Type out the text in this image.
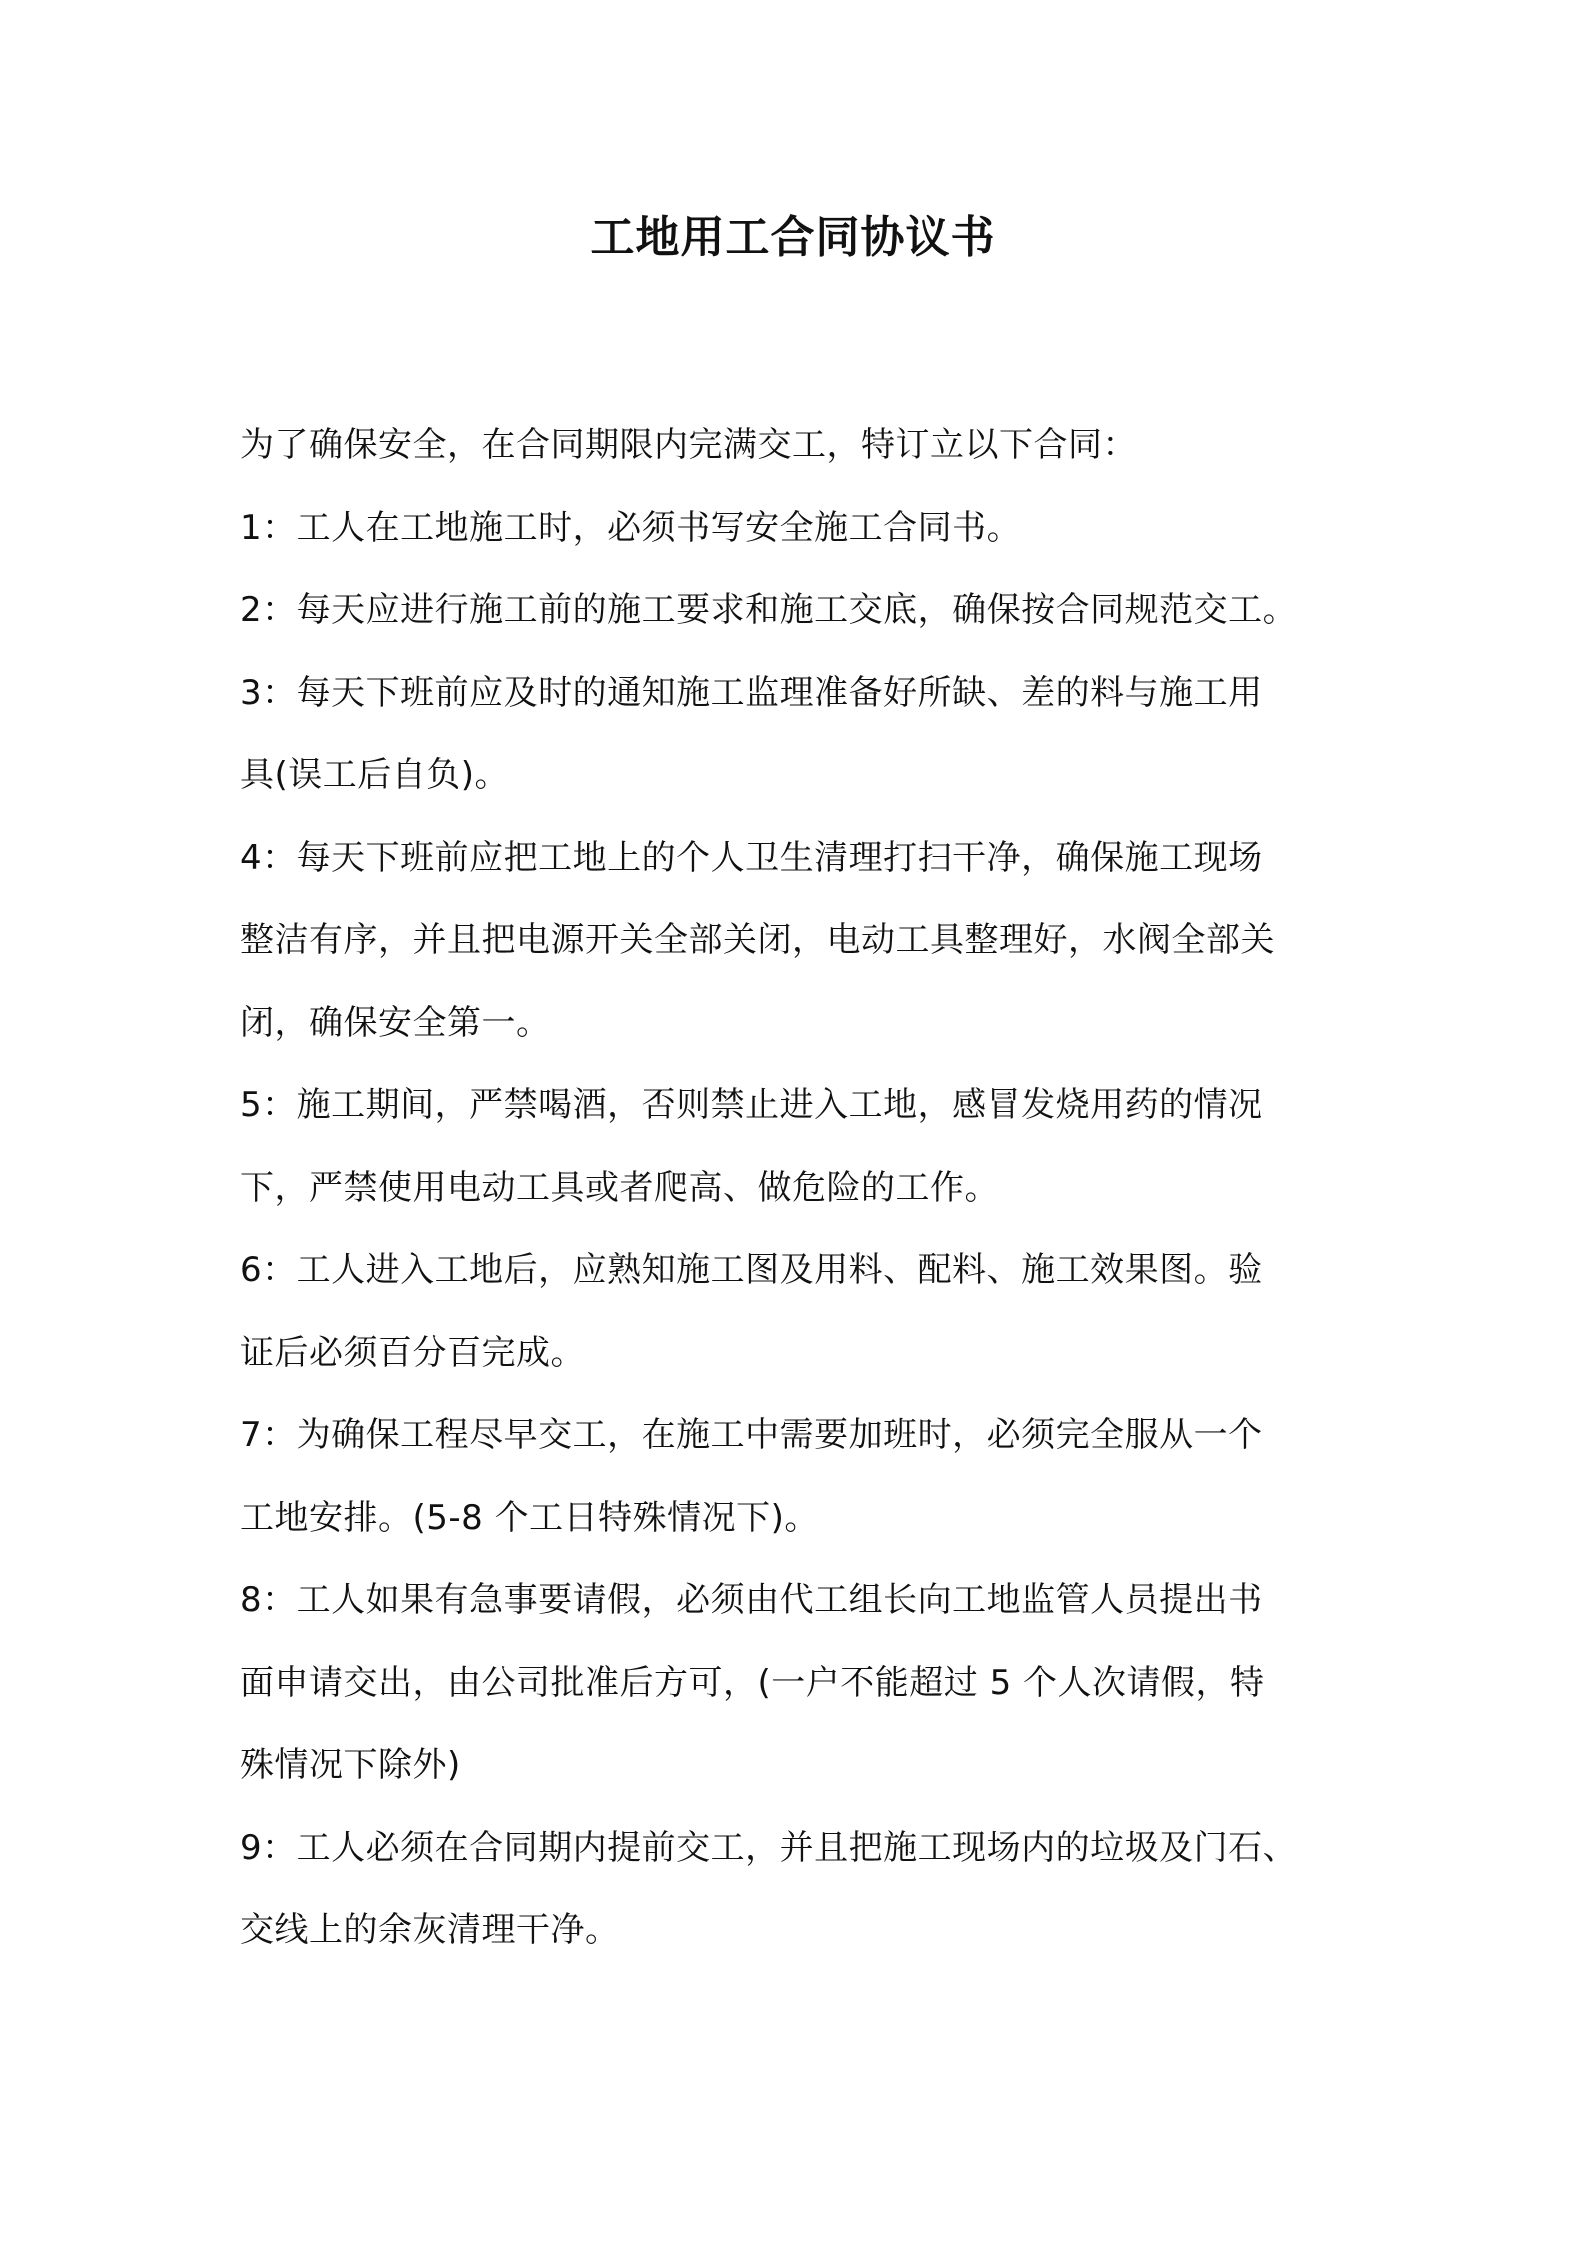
工地用工合同协议书

为了确保安全，在合同期限内完满交工，特订立以下合同：

1：工人在工地施工时，必须书写安全施工合同书。

2：每天应进行施工前的施工要求和施工交底，确保按合同规范交工。

3：每天下班前应及时的通知施工监理准备好所缺、差的料与施工用
具(误工后自负)。

4：每天下班前应把工地上的个人卫生清理打扫干净，确保施工现场
整洁有序，并且把电源开关全部关闭，电动工具整理好，水阀全部关
闭，确保安全第一。

5：施工期间，严禁喝酒，否则禁止进入工地，感冒发烧用药的情况
下，严禁使用电动工具或者爬高、做危险的工作。

6：工人进入工地后，应熟知施工图及用料、配料、施工效果图。验
证后必须百分百完成。

7：为确保工程尽早交工，在施工中需要加班时，必须完全服从一个
工地安排。(5-8 个工日特殊情况下)。

8：工人如果有急事要请假，必须由代工组长向工地监管人员提出书
面申请交出，由公司批准后方可，(一户不能超过 5 个人次请假，特
殊情况下除外)

9：工人必须在合同期内提前交工，并且把施工现场内的垃圾及门石、
交线上的余灰清理干净。
